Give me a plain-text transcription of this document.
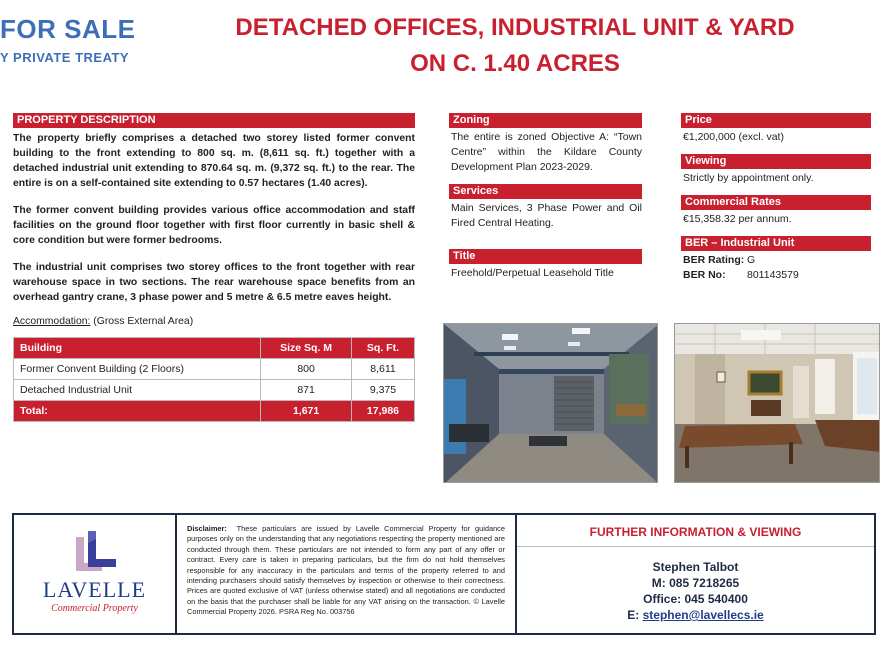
FOR SALE
Y PRIVATE TREATY
DETACHED OFFICES, INDUSTRIAL UNIT & YARD
ON C. 1.40 ACRES
PROPERTY DESCRIPTION

The property briefly comprises a detached two storey listed former convent building to the front extending to 800 sq. m. (8,611 sq. ft.) together with a detached industrial unit extending to 870.64 sq. m. (9,372 sq. ft.) to the rear. The entire is on a self-contained site extending to 0.57 hectares (1.40 acres).

The former convent building provides various office accommodation and staff facilities on the ground floor together with first floor currently in basic shell & core condition but were former bedrooms.

The industrial unit comprises two storey offices to the front together with rear warehouse space in two sections. The rear warehouse space benefits from an overhead gantry crane, 3 phase power and 5 metre & 6.5 metre eaves height.

Accommodation: (Gross External Area)
Building	Size Sq. M	Sq. Ft.
Former Convent Building (2 Floors)	800	8,611
Detached Industrial Unit	871	9,375
Total:	1,671	17,986
Zoning
The entire is zoned Objective A: “Town Centre” within the Kildare County Development Plan 2023-2029.
Services
Main Services, 3 Phase Power and Oil Fired Central Heating.
Title
Freehold/Perpetual Leasehold Title
Price
€1,200,000 (excl. vat)
Viewing
Strictly by appointment only.
Commercial Rates
€15,358.32 per annum.
BER – Industrial Unit
BER Rating: G
BER No:	801143579
LAVELLE
Commercial Property
Disclaimer: These particulars are issued by Lavelle Commercial Property for guidance purposes only on the understanding that any negotiations respecting the property mentioned are conducted through them. These particulars are not intended to form any part of any offer or contract. Every care is taken in preparing particulars, but the firm do not hold themselves responsible for any inaccuracy in the particulars and terms of the property referred to and intending purchasers should satisfy themselves by inspection or otherwise to their correctness. Prices are quoted exclusive of VAT (unless otherwise stated) and all negotiations are conducted on the basis that the purchaser shall be liable for any VAT arising on the transaction. © Lavelle Commercial Property 2026. PSRA Reg No. 003756
FURTHER INFORMATION & VIEWING
Stephen Talbot
M: 085 7218265
Office: 045 540400
E: stephen@lavellecs.ie
